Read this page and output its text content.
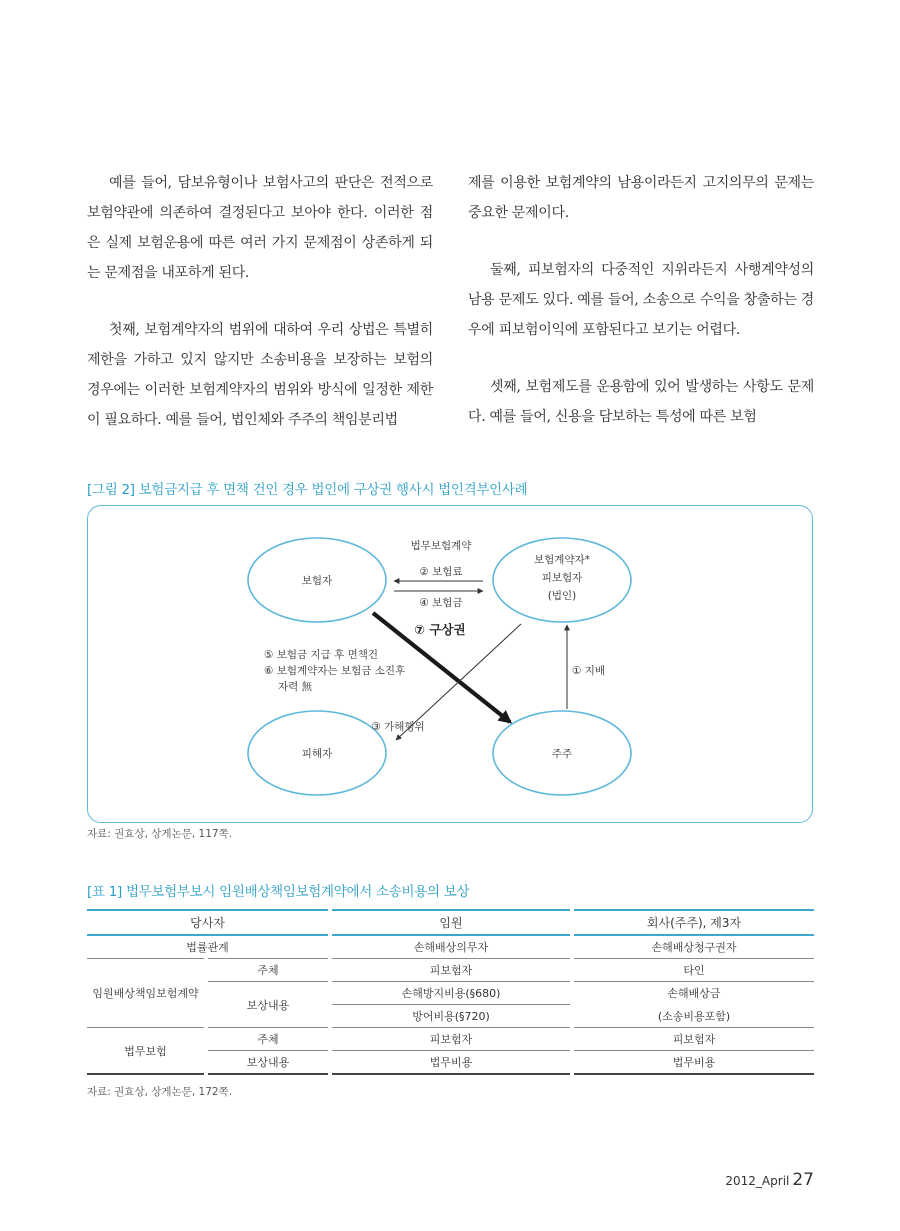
예를 들어, 담보유형이나 보험사고의 판단은 전적으로 보험약관에 의존하여 결정된다고 보아야 한다. 이러한 점은 실제 보험운용에 따른 여러 가지 문제점이 상존하게 되는 문제점을 내포하게 된다.

첫째, 보험계약자의 범위에 대하여 우리 상법은 특별히 제한을 가하고 있지 않지만 소송비용을 보장하는 보험의 경우에는 이러한 보험계약자의 범위와 방식에 일정한 제한이 필요하다. 예를 들어, 법인체와 주주의 책임분리법

제를 이용한 보험계약의 남용이라든지 고지의무의 문제는 중요한 문제이다.

둘째, 피보험자의 다중적인 지위라든지 사행계약성의 남용 문제도 있다. 예를 들어, 소송으로 수익을 창출하는 경우에 피보험이익에 포함된다고 보기는 어렵다.

셋째, 보험제도를 운용함에 있어 발생하는 사항도 문제다. 예를 들어, 신용을 담보하는 특성에 따른 보험

[그림 2] 보험금지급 후 면책 건인 경우 법인에 구상권 행사시 법인격부인사례
보험자
보험계약자*
피보험자
(법인)
피해자	주주
법무보험계약
② 보험료
④ 보험금
⑦ 구상권
③ 가해행위
① 지배
⑤ 보험금 지급 후 면책건
⑥ 보험계약자는 보험금 소진후
자력 無
자료: 권효상, 상게논문, 117쪽.
[표 1] 법무보험부보시 임원배상책임보험계약에서 소송비용의 보상
당사자		임원	회사(주주), 제3자
법률관계		손해배상의무자	손해배상청구권자
임원배상책임보험계약	주체	피보험자	타인
	보상내용	손해방지비용(§680)	손해배상금
		방어비용(§720)	(소송비용포함)
법무보험	주체	피보험자	피보험자
	보상내용	법무비용	법무비용
자료: 권효상, 상게논문, 172쪽.
2012_April 27
